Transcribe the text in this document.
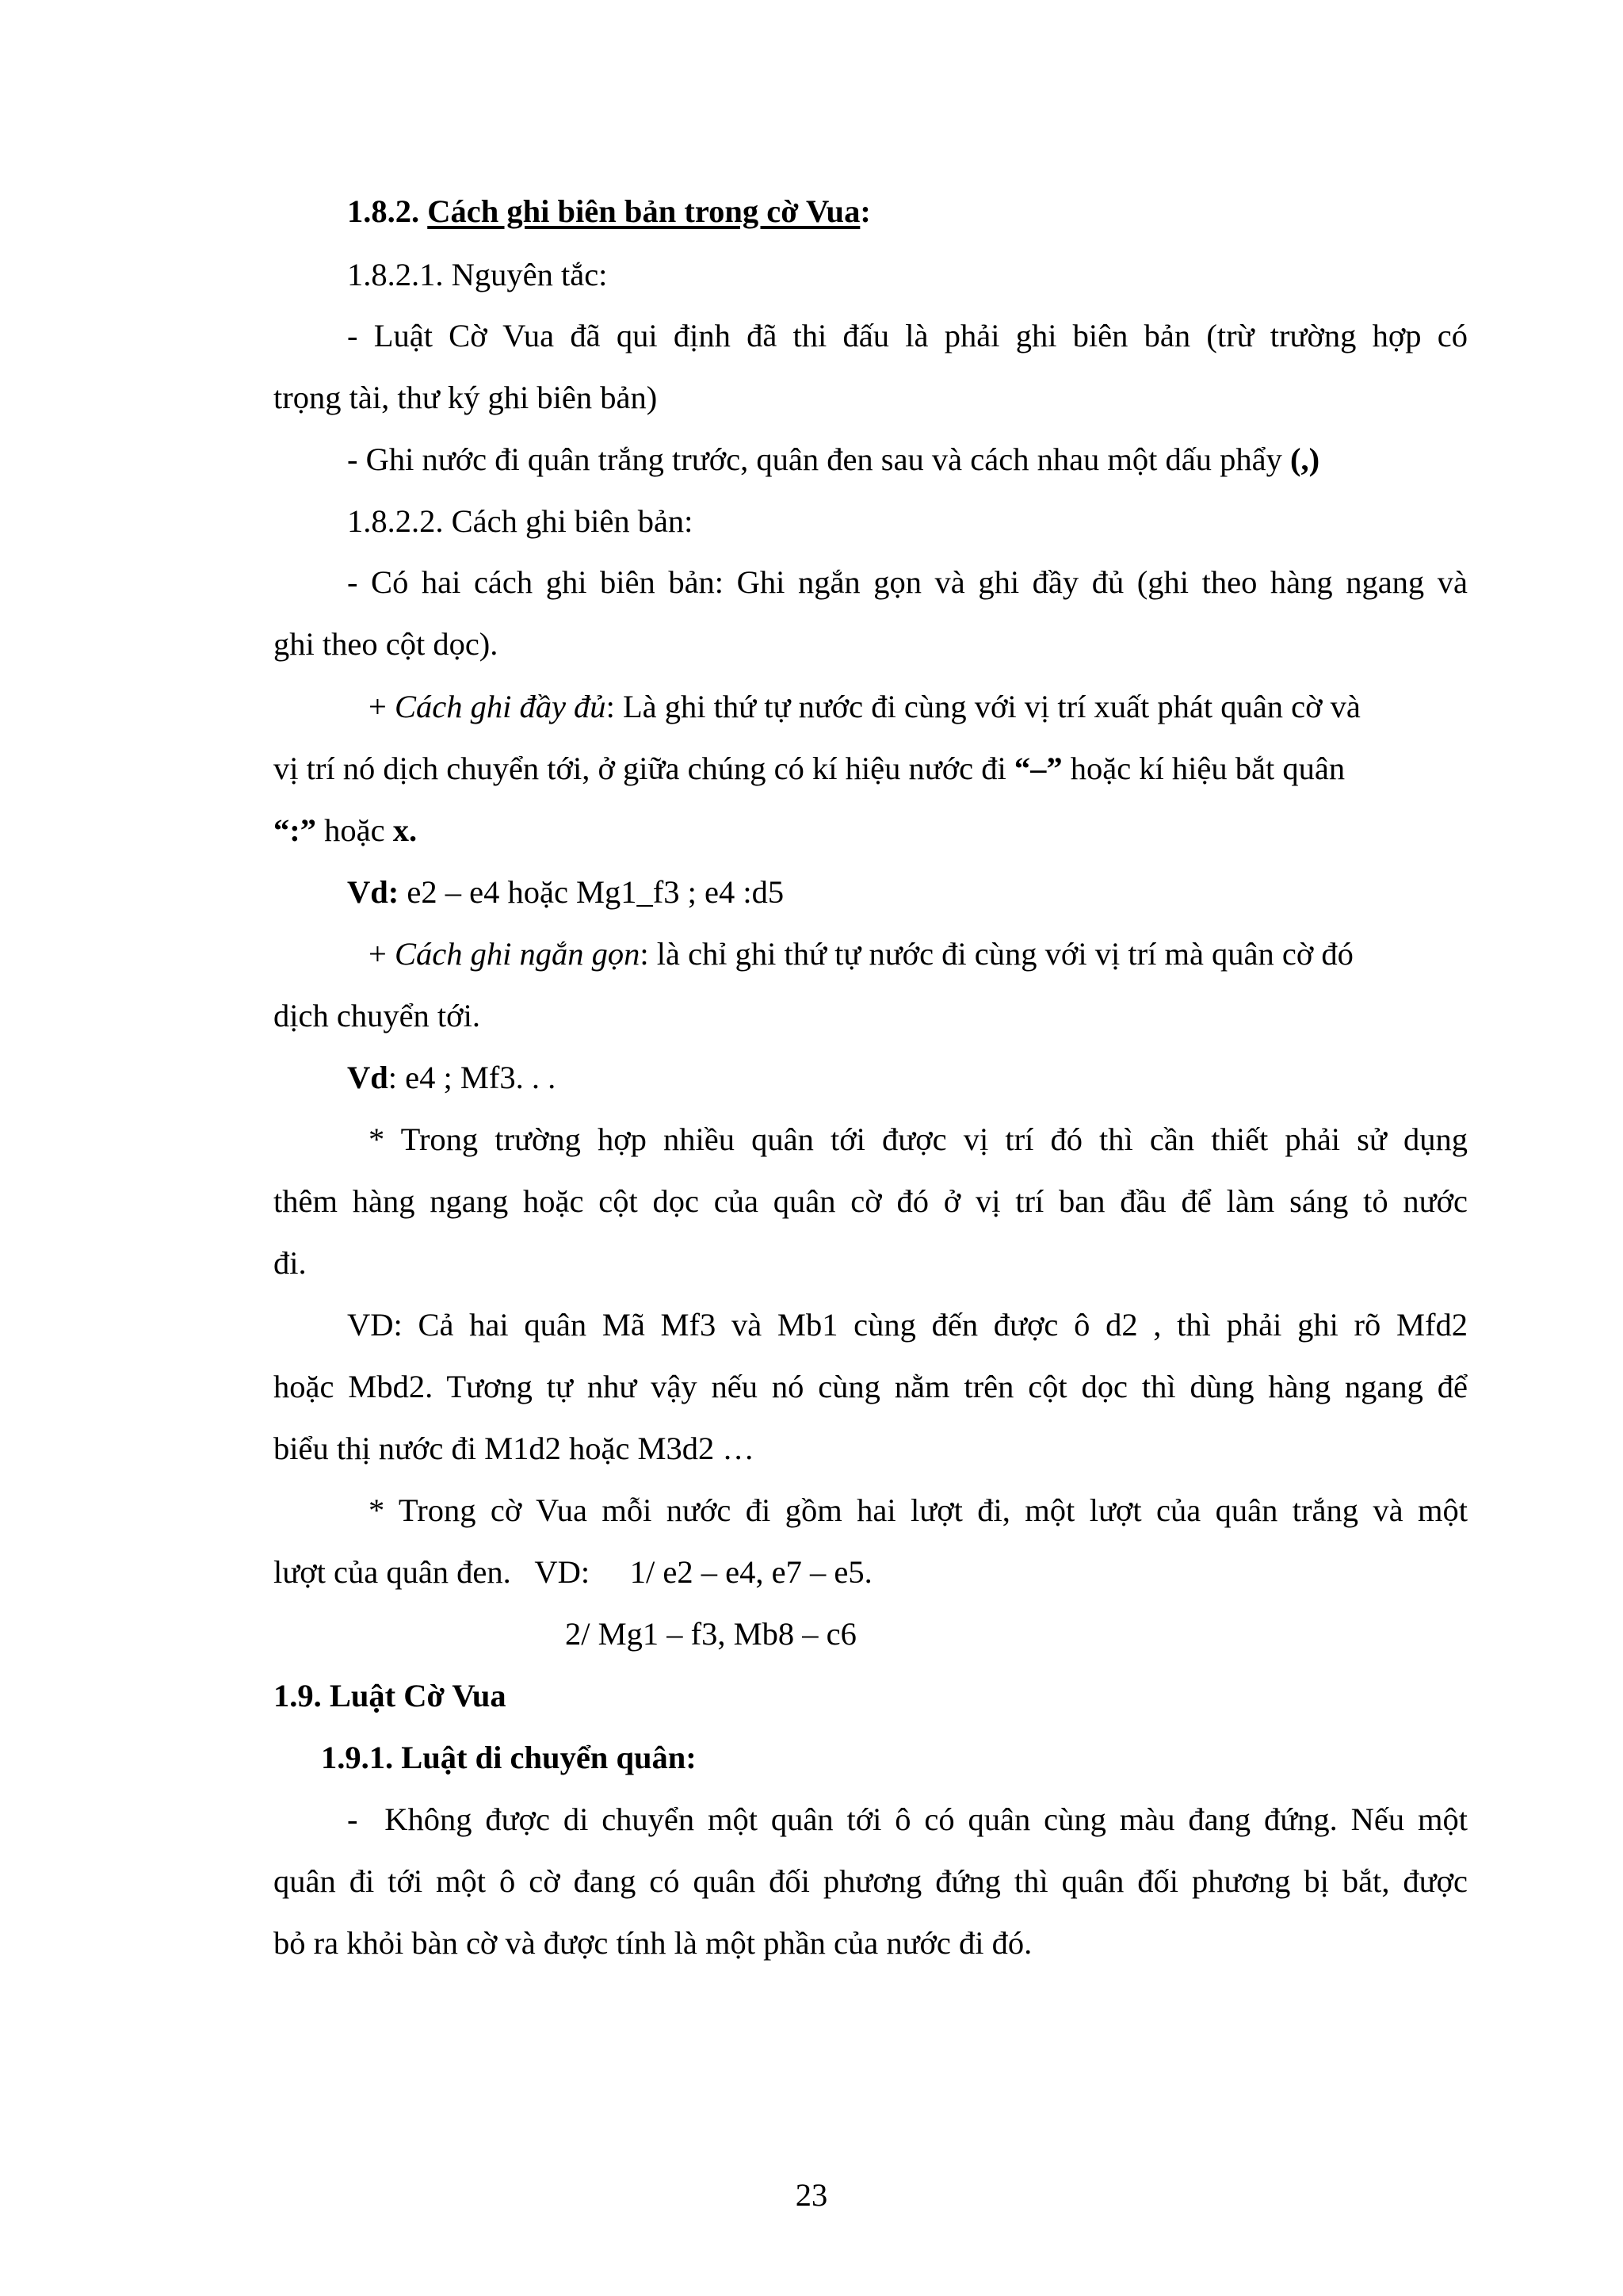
1.8.2. Cách ghi biên bản trong cờ Vua:
1.8.2.1. Nguyên tắc:
- Luật Cờ Vua đã qui định đã thi đấu là phải ghi biên bản (trừ trường hợp có
trọng tài, thư ký ghi biên bản)
- Ghi nước đi quân trắng trước, quân đen sau và cách nhau một dấu phẩy (,)
1.8.2.2. Cách ghi biên bản:
- Có hai cách ghi biên bản: Ghi ngắn gọn và ghi đầy đủ (ghi theo hàng ngang và
ghi theo cột dọc).
+ Cách ghi đầy đủ: Là ghi thứ tự nước đi cùng với vị trí xuất phát quân cờ và
vị trí nó dịch chuyển tới, ở giữa chúng có kí hiệu nước đi “–” hoặc kí hiệu bắt quân
“:” hoặc x.
Vd: e2 – e4 hoặc Mg1_f3 ; e4 :d5
+ Cách ghi ngắn gọn: là chỉ ghi thứ tự nước đi cùng với vị trí mà quân cờ đó
dịch chuyển tới.
Vd: e4 ; Mf3. . .
* Trong trường hợp nhiều quân tới được vị trí đó thì cần thiết phải sử dụng
thêm hàng ngang hoặc cột dọc của quân cờ đó ở vị trí ban đầu để làm sáng tỏ nước
đi.
VD: Cả hai quân Mã Mf3 và Mb1 cùng đến được ô d2 , thì phải ghi rõ Mfd2
hoặc Mbd2. Tương tự như vậy nếu nó cùng nằm trên cột dọc thì dùng hàng ngang để
biểu thị nước đi M1d2 hoặc M3d2 …
* Trong cờ Vua mỗi nước đi gồm hai lượt đi, một lượt của quân trắng và một
lượt của quân đen.   VD:     1/ e2 – e4, e7 – e5.
2/ Mg1 – f3, Mb8 – c6
1.9. Luật Cờ Vua
1.9.1. Luật di chuyển quân:
-  Không được di chuyển một quân tới ô có quân cùng màu đang đứng. Nếu một
quân đi tới một ô cờ đang có quân đối phương đứng thì quân đối phương bị bắt, được
bỏ ra khỏi bàn cờ và được tính là một phần của nước đi đó.
23
